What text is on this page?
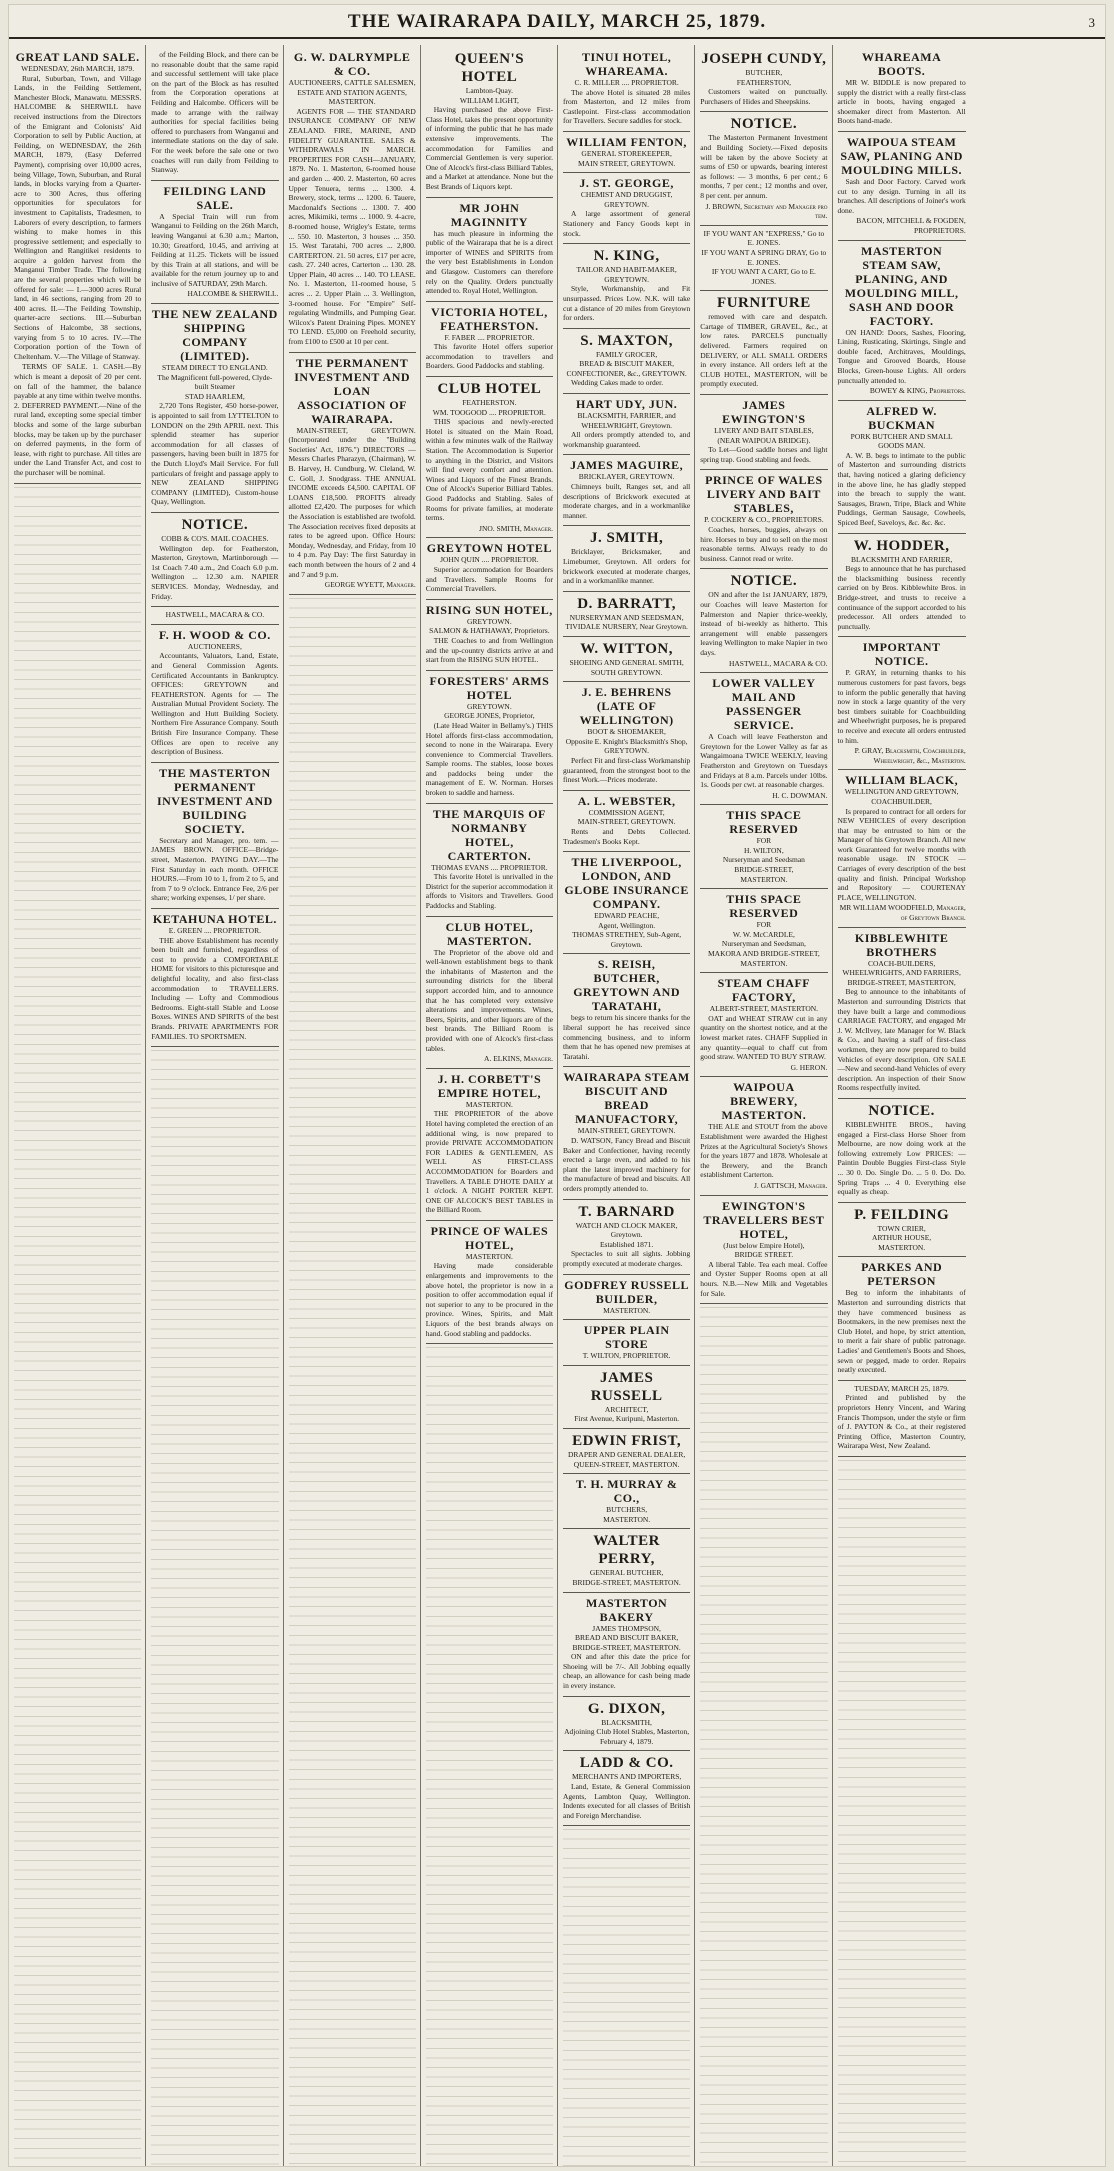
THE WAIRARAPA DAILY, MARCH 25, 1879.	3
GREAT LAND SALE.
WEDNESDAY, 26th MARCH, 1879.

Rural, Suburban, Town, and Village Lands, in the Feilding Settlement, Manchester Block, Manawatu. MESSRS. HALCOMBE & SHERWILL have received instructions from the Directors of the Emigrant and Colonists' Aid Corporation to sell by Public Auction, at Feilding, on WEDNESDAY, the 26th MARCH, 1879, (Easy Deferred Payment), comprising over 10,000 acres, being Village, Town, Suburban, and Rural lands, in blocks varying from a Quarter-acre to 300 Acres, thus offering opportunities for speculators for investment to Capitalists, Tradesmen, to Laborers of every description, to farmers wishing to make homes in this progressive settlement; and especially to Wellington and Rangitikei residents to acquire a golden harvest from the Manganui Timber Trade. The following are the several properties which will be offered for sale: — I.—3000 acres Rural land, in 46 sections, ranging from 20 to 400 acres. II.—The Feilding Township, quarter-acre sections. III.—Suburban Sections of Halcombe, 38 sections, varying from 5 to 10 acres. IV.—The Corporation portion of the Town of Cheltenham. V.—The Village of Stanway.

TERMS OF SALE. 1. CASH.—By which is meant a deposit of 20 per cent. on fall of the hammer, the balance payable at any time within twelve months. 2. DEFERRED PAYMENT.—Nine of the rural land, excepting some special timber blocks and some of the large suburban blocks, may be taken up by the purchaser on deferred payments, in the form of lease, with right to purchase. All titles are under the Land Transfer Act, and cost to the purchaser will be nominal.

of the Feilding Block, and there can be no reasonable doubt that the same rapid and successful settlement will take place on the part of the Block as has resulted from the Corporation operations at Feilding and Halcombe. Officers will be made to arrange with the railway authorities for special facilities being offered to purchasers from Wanganui and intermediate stations on the day of sale. For the week before the sale one or two coaches will run daily from Feilding to Stanway.

FEILDING LAND SALE.

A Special Train will run from Wanganui to Feilding on the 26th March, leaving Wanganui at 6.30 a.m.; Marton, 10.30; Greatford, 10.45, and arriving at Feilding at 11.25. Tickets will be issued by this Train at all stations, and will be available for the return journey up to and inclusive of SATURDAY, 29th March.

HALCOMBE & SHERWILL.
THE NEW ZEALAND SHIPPING COMPANY (LIMITED).
STEAM DIRECT TO ENGLAND.
The Magnificent full-powered, Clyde-built Steamer
STAD HAARLEM,

2,720 Tons Register, 450 horse-power, is appointed to sail from LYTTELTON to LONDON on the 29th APRIL next. This splendid steamer has superior accommodation for all classes of passengers, having been built in 1875 for the Dutch Lloyd's Mail Service. For full particulars of freight and passage apply to NEW ZEALAND SHIPPING COMPANY (LIMITED), Custom-house Quay, Wellington.

NOTICE.
COBB & CO'S. MAIL COACHES.

Wellington dep. for Featherston, Masterton, Greytown, Martinborough — 1st Coach 7.40 a.m., 2nd Coach 6.0 p.m. Wellington ... 12.30 a.m. NAPIER SERVICES. Monday, Wednesday, and Friday.

HASTWELL, MACARA & CO.
F. H. WOOD & CO.
AUCTIONEERS,

Accountants, Valuators, Land, Estate, and General Commission Agents. Certificated Accountants in Bankruptcy. OFFICES: GREYTOWN and FEATHERSTON. Agents for — The Australian Mutual Provident Society. The Wellington and Hutt Building Society. Northern Fire Assurance Company. South British Fire Insurance Company. These Offices are open to receive any description of Business.

THE MASTERTON PERMANENT INVESTMENT AND BUILDING SOCIETY.

Secretary and Manager, pro. tem. — JAMES BROWN. OFFICE—Bridge-street, Masterton. PAYING DAY.—The First Saturday in each month. OFFICE HOURS.—From 10 to 1, from 2 to 5, and from 7 to 9 o'clock. Entrance Fee, 2/6 per share; working expenses, 1/ per share.

KETAHUNA HOTEL.
E. GREEN .... PROPRIETOR.

THE above Establishment has recently been built and furnished, regardless of cost to provide a COMFORTABLE HOME for visitors to this picturesque and delightful locality, and also first-class accommodation to TRAVELLERS. Including — Lofty and Commodious Bedrooms. Eight-stall Stable and Loose Boxes. WINES AND SPIRITS of the best Brands. PRIVATE APARTMENTS FOR FAMILIES. TO SPORTSMEN.

G. W. DALRYMPLE & CO.
AUCTIONEERS, CATTLE SALESMEN, ESTATE AND STATION AGENTS, MASTERTON.

AGENTS FOR — THE STANDARD INSURANCE COMPANY OF NEW ZEALAND. FIRE, MARINE, AND FIDELITY GUARANTEE. SALES & WITHDRAWALS IN MARCH. PROPERTIES FOR CASH—JANUARY, 1879. No. 1. Masterton, 6-roomed house and garden ... 400. 2. Masterton, 60 acres Upper Tenuera, terms ... 1300. 4. Brewery, stock, terms ... 1200. 6. Tauere, Macdonald's Sections ... 1300. 7. 400 acres, Mikimiki, terms ... 1000. 9. 4-acre, 8-roomed house, Wrigley's Estate, terms ... 550. 10. Masterton, 3 houses ... 350. 15. West Taratahi, 700 acres ... 2,800. CARTERTON. 21. 50 acres, £17 per acre, cash. 27. 240 acres, Carterton ... 130. 28. Upper Plain, 40 acres ... 140. TO LEASE. No. 1. Masterton, 11-roomed house, 5 acres ... 2. Upper Plain ... 3. Wellington, 3-roomed house. For "Empire" Self-regulating Windmills, and Pumping Gear. Wilcox's Patent Draining Pipes. MONEY TO LEND. £5,000 on Freehold security, from £100 to £500 at 10 per cent.

THE PERMANENT INVESTMENT AND LOAN ASSOCIATION OF WAIRARAPA.

MAIN-STREET, GREYTOWN. (Incorporated under the "Building Societies' Act, 1876.") DIRECTORS — Messrs Charles Pharazyn, (Chairman), W. B. Harvey, H. Cundburg, W. Cleland, W. C. Goll, J. Snodgrass. THE ANNUAL INCOME exceeds £4,500. CAPITAL OF LOANS £18,500. PROFITS already allotted £2,420. The purposes for which the Association is established are twofold. The Association receives fixed deposits at rates to be agreed upon. Office Hours: Monday, Wednesday, and Friday, from 10 to 4 p.m. Pay Day: The first Saturday in each month between the hours of 2 and 4 and 7 and 9 p.m.

GEORGE WYETT, Manager.
QUEEN'S HOTEL
Lambton-Quay.
WILLIAM LIGHT,

Having purchased the above First-Class Hotel, takes the present opportunity of informing the public that he has made extensive improvements. The accommodation for Families and Commercial Gentlemen is very superior. One of Alcock's first-class Billiard Tables, and a Market at attendance. None but the Best Brands of Liquors kept.

MR JOHN MAGINNITY

has much pleasure in informing the public of the Wairarapa that he is a direct importer of WINES and SPIRITS from the very best Establishments in London and Glasgow. Customers can therefore rely on the Quality. Orders punctually attended to. Royal Hotel, Wellington.

VICTORIA HOTEL, FEATHERSTON.
F. FABER .... PROPRIETOR.

This favorite Hotel offers superior accommodation to travellers and Boarders. Good Paddocks and stabling.

CLUB HOTEL
FEATHERSTON.
WM. TOOGOOD .... PROPRIETOR.

THIS spacious and newly-erected Hotel is situated on the Main Road, within a few minutes walk of the Railway Station. The Accommodation is Superior to anything in the District, and Visitors will find every comfort and attention. Wines and Liquors of the Finest Brands. One of Alcock's Superior Billiard Tables. Good Paddocks and Stabling. Sales of Rooms for private families, at moderate terms.

JNO. SMITH, Manager.
GREYTOWN HOTEL
JOHN QUIN .... PROPRIETOR.

Superior accommodation for Boarders and Travellers. Sample Rooms for Commercial Travellers.

RISING SUN HOTEL,
GREYTOWN.
SALMON & HATHAWAY, Proprietors.

THE Coaches to and from Wellington and the up-country districts arrive at and start from the RISING SUN HOTEL.

FORESTERS' ARMS HOTEL
GREYTOWN.
GEORGE JONES, Proprietor,

(Late Head Waiter in Bellamy's.) THIS Hotel affords first-class accommodation, second to none in the Wairarapa. Every convenience to Commercial Travellers. Sample rooms. The stables, loose boxes and paddocks being under the management of E. W. Norman. Horses broken to saddle and harness.

THE MARQUIS OF NORMANBY HOTEL, CARTERTON.
THOMAS EVANS .... PROPRIETOR.

This favorite Hotel is unrivalled in the District for the superior accommodation it affords to Visitors and Travellers. Good Paddocks and Stabling.

CLUB HOTEL, MASTERTON.

The Proprietor of the above old and well-known establishment begs to thank the inhabitants of Masterton and the surrounding districts for the liberal support accorded him, and to announce that he has completed very extensive alterations and improvements. Wines, Beers, Spirits, and other liquors are of the best brands. The Billiard Room is provided with one of Alcock's first-class tables.

A. ELKINS, Manager.
J. H. CORBETT'S EMPIRE HOTEL,
MASTERTON.

THE PROPRIETOR of the above Hotel having completed the erection of an additional wing, is now prepared to provide PRIVATE ACCOMMODATION FOR LADIES & GENTLEMEN, AS WELL AS FIRST-CLASS ACCOMMODATION for Boarders and Travellers. A TABLE D'HOTE DAILY at 1 o'clock. A NIGHT PORTER KEPT. ONE OF ALCOCK'S BEST TABLES in the Billiard Room.

PRINCE OF WALES HOTEL,
MASTERTON.

Having made considerable enlargements and improvements to the above hotel, the proprietor is now in a position to offer accommodation equal if not superior to any to be procured in the province. Wines, Spirits, and Malt Liquors of the best brands always on hand. Good stabling and paddocks.

TINUI HOTEL, WHAREAMA.
C. R. MILLER .... PROPRIETOR.

The above Hotel is situated 28 miles from Masterton, and 12 miles from Castlepoint. First-class accommodation for Travellers. Secure saddles for stock.

WILLIAM FENTON,
GENERAL STOREKEEPER,
MAIN STREET, GREYTOWN.
J. ST. GEORGE,
CHEMIST AND DRUGGIST, GREYTOWN.

A large assortment of general Stationery and Fancy Goods kept in stock.

N. KING,
TAILOR AND HABIT-MAKER, GREYTOWN.

Style, Workmanship, and Fit unsurpassed. Prices Low. N.K. will take cut a distance of 20 miles from Greytown for orders.

S. MAXTON,
FAMILY GROCER,
BREAD & BISCUIT MAKER, CONFECTIONER, &c., GREYTOWN.

Wedding Cakes made to order.

HART UDY, JUN.
BLACKSMITH, FARRIER, and WHEELWRIGHT, Greytown.

All orders promptly attended to, and workmanship guaranteed.

JAMES MAGUIRE,
BRICKLAYER, GREYTOWN.

Chimneys built, Ranges set, and all descriptions of Brickwork executed at moderate charges, and in a workmanlike manner.

J. SMITH,

Bricklayer, Bricksmaker, and Limeburner, Greytown. All orders for brickwork executed at moderate charges, and in a workmanlike manner.

D. BARRATT,
NURSERYMAN AND SEEDSMAN,
TIVIDALE NURSERY, Near Greytown.
W. WITTON,
SHOEING AND GENERAL SMITH, SOUTH GREYTOWN.
J. E. BEHRENS (LATE OF WELLINGTON)
BOOT & SHOEMAKER,
Opposite E. Knight's Blacksmith's Shop, GREYTOWN.

Perfect Fit and first-class Workmanship guaranteed, from the strongest boot to the finest Work.—Prices moderate.

A. L. WEBSTER,
COMMISSION AGENT,
MAIN-STREET, GREYTOWN.

Rents and Debts Collected. Tradesmen's Books Kept.

THE LIVERPOOL, LONDON, AND GLOBE INSURANCE COMPANY.
EDWARD PEACHE,
Agent, Wellington.
THOMAS STRETHEY, Sub-Agent, Greytown.
S. REISH, BUTCHER, GREYTOWN AND TARATAHI,

begs to return his sincere thanks for the liberal support he has received since commencing business, and to inform them that he has opened new premises at Taratahi.

WAIRARAPA STEAM BISCUIT AND BREAD MANUFACTORY,
MAIN-STREET, GREYTOWN.

D. WATSON, Fancy Bread and Biscuit Baker and Confectioner, having recently erected a large oven, and added to his plant the latest improved machinery for the manufacture of bread and biscuits. All orders promptly attended to.

T. BARNARD
WATCH AND CLOCK MAKER, Greytown.
Established 1871.

Spectacles to suit all sights. Jobbing promptly executed at moderate charges.

GODFREY RUSSELL BUILDER,
MASTERTON.
UPPER PLAIN STORE
T. WILTON, PROPRIETOR.
JAMES RUSSELL
ARCHITECT,
First Avenue, Kuripuni, Masterton.
EDWIN FRIST,
DRAPER AND GENERAL DEALER,
QUEEN-STREET, MASTERTON.
T. H. MURRAY & CO.,
BUTCHERS,
MASTERTON.
WALTER PERRY,
GENERAL BUTCHER,
BRIDGE-STREET, MASTERTON.
MASTERTON BAKERY
JAMES THOMPSON,
BREAD AND BISCUIT BAKER, BRIDGE-STREET, MASTERTON.

ON and after this date the price for Shoeing will be 7/-. All Jobbing equally cheap, an allowance for cash being made in every instance.

G. DIXON,
BLACKSMITH,
Adjoining Club Hotel Stables, Masterton, February 4, 1879.
LADD & CO.
MERCHANTS AND IMPORTERS,

Land, Estate, & General Commission Agents, Lambton Quay, Wellington. Indents executed for all classes of British and Foreign Merchandise.

JOSEPH CUNDY,
BUTCHER,
FEATHERSTON,

Customers waited on punctually. Purchasers of Hides and Sheepskins.

NOTICE.

The Masterton Permanent Investment and Building Society.—Fixed deposits will be taken by the above Society at sums of £50 or upwards, bearing interest as follows: — 3 months, 6 per cent.; 6 months, 7 per cent.; 12 months and over, 8 per cent. per annum.

J. BROWN, Secretary and Manager pro tem.
IF YOU WANT AN "EXPRESS," Go to E. JONES.
IF YOU WANT A SPRING DRAY, Go to E. JONES.
IF YOU WANT A CART, Go to E. JONES.
FURNITURE

removed with care and despatch. Cartage of TIMBER, GRAVEL, &c., at low rates. PARCELS punctually delivered. Farmers required on DELIVERY, or ALL SMALL ORDERS in every instance. All orders left at the CLUB HOTEL, MASTERTON, will be promptly executed.

JAMES EWINGTON'S
LIVERY AND BAIT STABLES,
(NEAR WAIPOUA BRIDGE).

To Let—Good saddle horses and light spring trap. Good stabling and feeds.

PRINCE OF WALES LIVERY AND BAIT STABLES,
P. COCKERY & CO., PROPRIETORS.

Coaches, horses, buggies, always on hire. Horses to buy and to sell on the most reasonable terms. Always ready to do business. Cannot read or write.

NOTICE.

ON and after the 1st JANUARY, 1879, our Coaches will leave Masterton for Palmerston and Napier thrice-weekly, instead of bi-weekly as hitherto. This arrangement will enable passengers leaving Wellington to make Napier in two days.

HASTWELL, MACARA & CO.
LOWER VALLEY MAIL AND PASSENGER SERVICE.

A Coach will leave Featherston and Greytown for the Lower Valley as far as Wangaimoana TWICE WEEKLY, leaving Featherston and Greytown on Tuesdays and Fridays at 8 a.m. Parcels under 10lbs. 1s. Goods per cwt. at reasonable charges.

H. C. DOWMAN.
THIS SPACE RESERVED
FOR
H. WILTON,
Nurseryman and Seedsman
BRIDGE-STREET,
MASTERTON.
THIS SPACE RESERVED
FOR
W. W. McCARDLE,
Nurseryman and Seedsman,
MAKORA AND BRIDGE-STREET, MASTERTON.
STEAM CHAFF FACTORY,
ALBERT-STREET, MASTERTON.

OAT and WHEAT STRAW cut in any quantity on the shortest notice, and at the lowest market rates. CHAFF Supplied in any quantity—equal to chaff cut from good straw. WANTED TO BUY STRAW.

G. HERON.
WAIPOUA BREWERY, MASTERTON.

THE ALE and STOUT from the above Establishment were awarded the Highest Prizes at the Agricultural Society's Shows for the years 1877 and 1878. Wholesale at the Brewery, and the Branch establishment Carterton.

J. GATTSCH, Manager.
EWINGTON'S TRAVELLERS BEST HOTEL,
(Just below Empire Hotel),
BRIDGE STREET.

A liberal Table. Tea each meal. Coffee and Oyster Supper Rooms open at all hours. N.B.—New Milk and Vegetables for Sale.

WHAREAMA BOOTS.

MR W. BIDDLE is now prepared to supply the district with a really first-class article in boots, having engaged a shoemaker direct from Masterton. All Boots hand-made.

WAIPOUA STEAM SAW, PLANING AND MOULDING MILLS.

Sash and Door Factory. Carved work cut to any design. Turning in all its branches. All descriptions of Joiner's work done.

BACON, MITCHELL & FOGDEN, PROPRIETORS.
MASTERTON STEAM SAW, PLANING, AND MOULDING MILL, SASH AND DOOR FACTORY.

ON HAND: Doors, Sashes, Flooring, Lining, Rusticating, Skirtings, Single and double faced, Architraves, Mouldings, Tongue and Grooved Boards, House Blocks, Green-house Lights. All orders punctually attended to.

BOWEY & KING, Proprietors.
ALFRED W. BUCKMAN
PORK BUTCHER AND SMALL GOODS MAN.

A. W. B. begs to intimate to the public of Masterton and surrounding districts that, having noticed a glaring deficiency in the above line, he has gladly stepped into the breach to supply the want. Sausages, Brawn, Tripe, Black and White Puddings, German Sausage, Cowheels, Spiced Beef, Saveloys, &c. &c. &c.

W. HODDER,
BLACKSMITH AND FARRIER,

Begs to announce that he has purchased the blacksmithing business recently carried on by Bros. Kibblewhite Bros. in Bridge-street, and trusts to receive a continuance of the support accorded to his predecessor. All orders attended to punctually.

IMPORTANT NOTICE.

P. GRAY, in returning thanks to his numerous customers for past favors, begs to inform the public generally that having now in stock a large quantity of the very best timbers suitable for Coachbuilding and Wheelwright purposes, he is prepared to receive and execute all orders entrusted to him.

P. GRAY, Blacksmith, Coachbuilder, Wheelwright, &c., Masterton.
WILLIAM BLACK,
WELLINGTON AND GREYTOWN,
COACHBUILDER,

Is prepared to contract for all orders for NEW VEHICLES of every description that may be entrusted to him or the Manager of his Greytown Branch. All new work Guaranteed for twelve months with reasonable usage. IN STOCK — Carriages of every description of the best quality and finish. Principal Workshop and Repository — COURTENAY PLACE, WELLINGTON.

MR WILLIAM WOODFIELD, Manager, of Greytown Branch.
KIBBLEWHITE BROTHERS
COACH-BUILDERS, WHEELWRIGHTS, AND FARRIERS,
BRIDGE-STREET, MASTERTON,

Beg to announce to the inhabitants of Masterton and surrounding Districts that they have built a large and commodious CARRIAGE FACTORY, and engaged Mr J. W. McIlvey, late Manager for W. Black & Co., and having a staff of first-class workmen, they are now prepared to build Vehicles of every description. ON SALE—New and second-hand Vehicles of every description. An inspection of their Snow Rooms respectfully invited.

NOTICE.

KIBBLEWHITE BROS., having engaged a First-class Horse Shoer from Melbourne, are now doing work at the following extremely Low PRICES: — Paintin Double Buggies First-class Style ... 30 0. Do. Single Do. ... 5 0. Do. Do. Spring Traps ... 4 0. Everything else equally as cheap.

P. FEILDING
TOWN CRIER,
ARTHUR HOUSE,
MASTERTON.
PARKES AND PETERSON

Beg to inform the inhabitants of Masterton and surrounding districts that they have commenced business as Bootmakers, in the new premises next the Club Hotel, and hope, by strict attention, to merit a fair share of public patronage. Ladies' and Gentlemen's Boots and Shoes, sewn or pegged, made to order. Repairs neatly executed.

TUESDAY, MARCH 25, 1879.

Printed and published by the proprietors Henry Vincent, and Waring Francis Thompson, under the style or firm of J. PAYTON & Co., at their registered Printing Office, Masterton Country, Wairarapa West, New Zealand.
